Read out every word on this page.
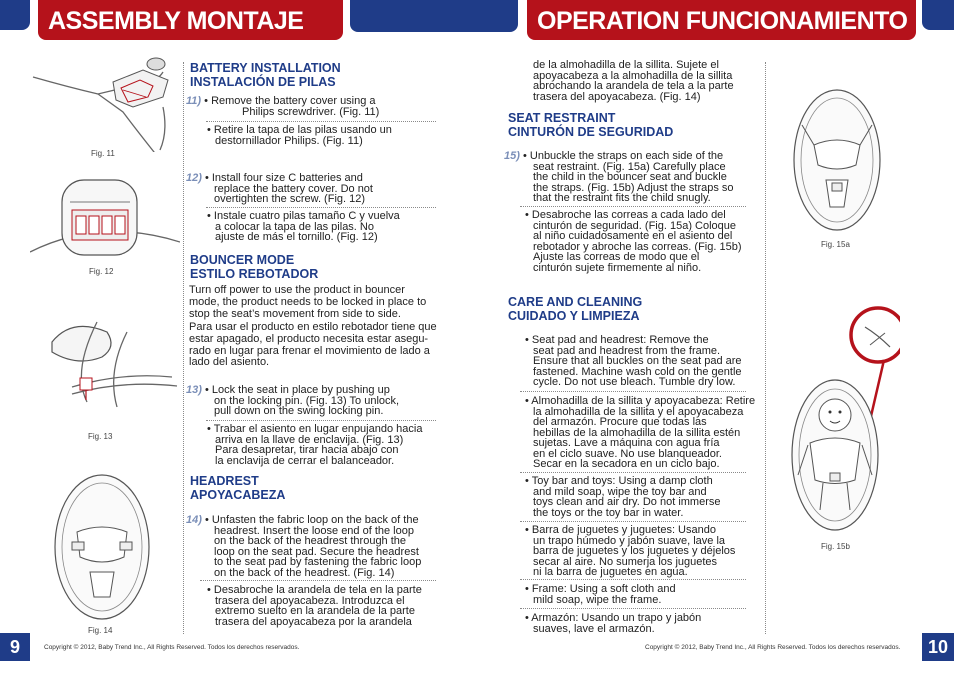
ASSEMBLY MONTAJE	OPERATION FUNCIONAMIENTO
Fig. 11
Fig. 12
Fig. 13
Fig. 14
BATTERY INSTALLATION
INSTALACIÓN DE PILAS
11) • Remove the battery cover using a
Philips screwdriver. (Fig. 11)
• Retire la tapa de las pilas usando un
destornillador Philips. (Fig. 11)
12) • Install four size C batteries and
replace the battery cover. Do not
overtighten the screw. (Fig. 12)
• Instale cuatro pilas tamaño C y vuelva
a colocar la tapa de las pilas. No
ajuste de más el tornillo. (Fig. 12)
BOUNCER MODE
ESTILO REBOTADOR
Turn off power to use the product in bouncer
mode, the product needs to be locked in place to
stop the seat’s movement from side to side.
Para usar el producto en estilo rebotador tiene que
estar apagado, el producto necesita estar asegu-
rado en lugar para frenar el movimiento de lado a
lado del asiento.
13) • Lock the seat in place by pushing up
on the locking pin. (Fig. 13) To unlock,
pull down on the swing locking pin.
• Trabar el asiento en lugar enpujando hacia
arriva en la llave de enclavija. (Fig. 13)
Para desapretar, tirar hacia abajo con
la enclavija de cerrar el balanceador.
HEADREST
APOYACABEZA
14) • Unfasten the fabric loop on the back of the
headrest. Insert the loose end of the loop
on the back of the headrest through the
loop on the seat pad. Secure the headrest
to the seat pad by fastening the fabric loop
on the back of the headrest. (Fig. 14)
• Desabroche la arandela de tela en la parte
trasera del apoyacabeza. Introduzca el
extremo suelto en la arandela de la parte
trasera del apoyacabeza por la arandela
de la almohadilla de la sillita. Sujete el
apoyacabeza a la almohadilla de la sillita
abrochando la arandela de tela a la parte
trasera del apoyacabeza. (Fig. 14)
SEAT RESTRAINT
CINTURÓN DE SEGURIDAD
15) • Unbuckle the straps on each side of the
seat restraint. (Fig. 15a) Carefully place
the child in the bouncer seat and buckle
the straps. (Fig. 15b) Adjust the straps so
that the restraint fits the child snugly.
• Desabroche las correas a cada lado del
cinturón de seguridad. (Fig. 15a) Coloque
al niño cuidadosamente en el asiento del
rebotador y abroche las correas. (Fig. 15b)
Ajuste las correas de modo que el
cinturón sujete firmemente al niño.
CARE AND CLEANING
CUIDADO Y LIMPIEZA
• Seat pad and headrest: Remove the
seat pad and headrest from the frame.
Ensure that all buckles on the seat pad are
fastened. Machine wash cold on the gentle
cycle. Do not use bleach. Tumble dry low.
• Almohadilla de la sillita y apoyacabeza: Retire
la almohadilla de la sillita y el apoyacabeza
del armazón. Procure que todas las
hebillas de la almohadilla de la sillita estén
sujetas. Lave a máquina con agua fría
en el ciclo suave. No use blanqueador.
Secar en la secadora en un ciclo bajo.
• Toy bar and toys: Using a damp cloth
and mild soap, wipe the toy bar and
toys clean and air dry. Do not immerse
the toys or the toy bar in water.
• Barra de juguetes y juguetes: Usando
un trapo húmedo y jabón suave, lave la
barra de juguetes y los juguetes y déjelos
secar al aire. No sumerja los juguetes
ni la barra de juguetes en agua.
• Frame: Using a soft cloth and
mild soap, wipe the frame.
• Armazón: Usando un trapo y jabón
suaves, lave el armazón.
Fig. 15a
Fig. 15b
9	Copyright © 2012, Baby Trend Inc., All Rights Reserved. Todos los derechos reservados.	Copyright © 2012, Baby Trend Inc., All Rights Reserved. Todos los derechos reservados.	10
